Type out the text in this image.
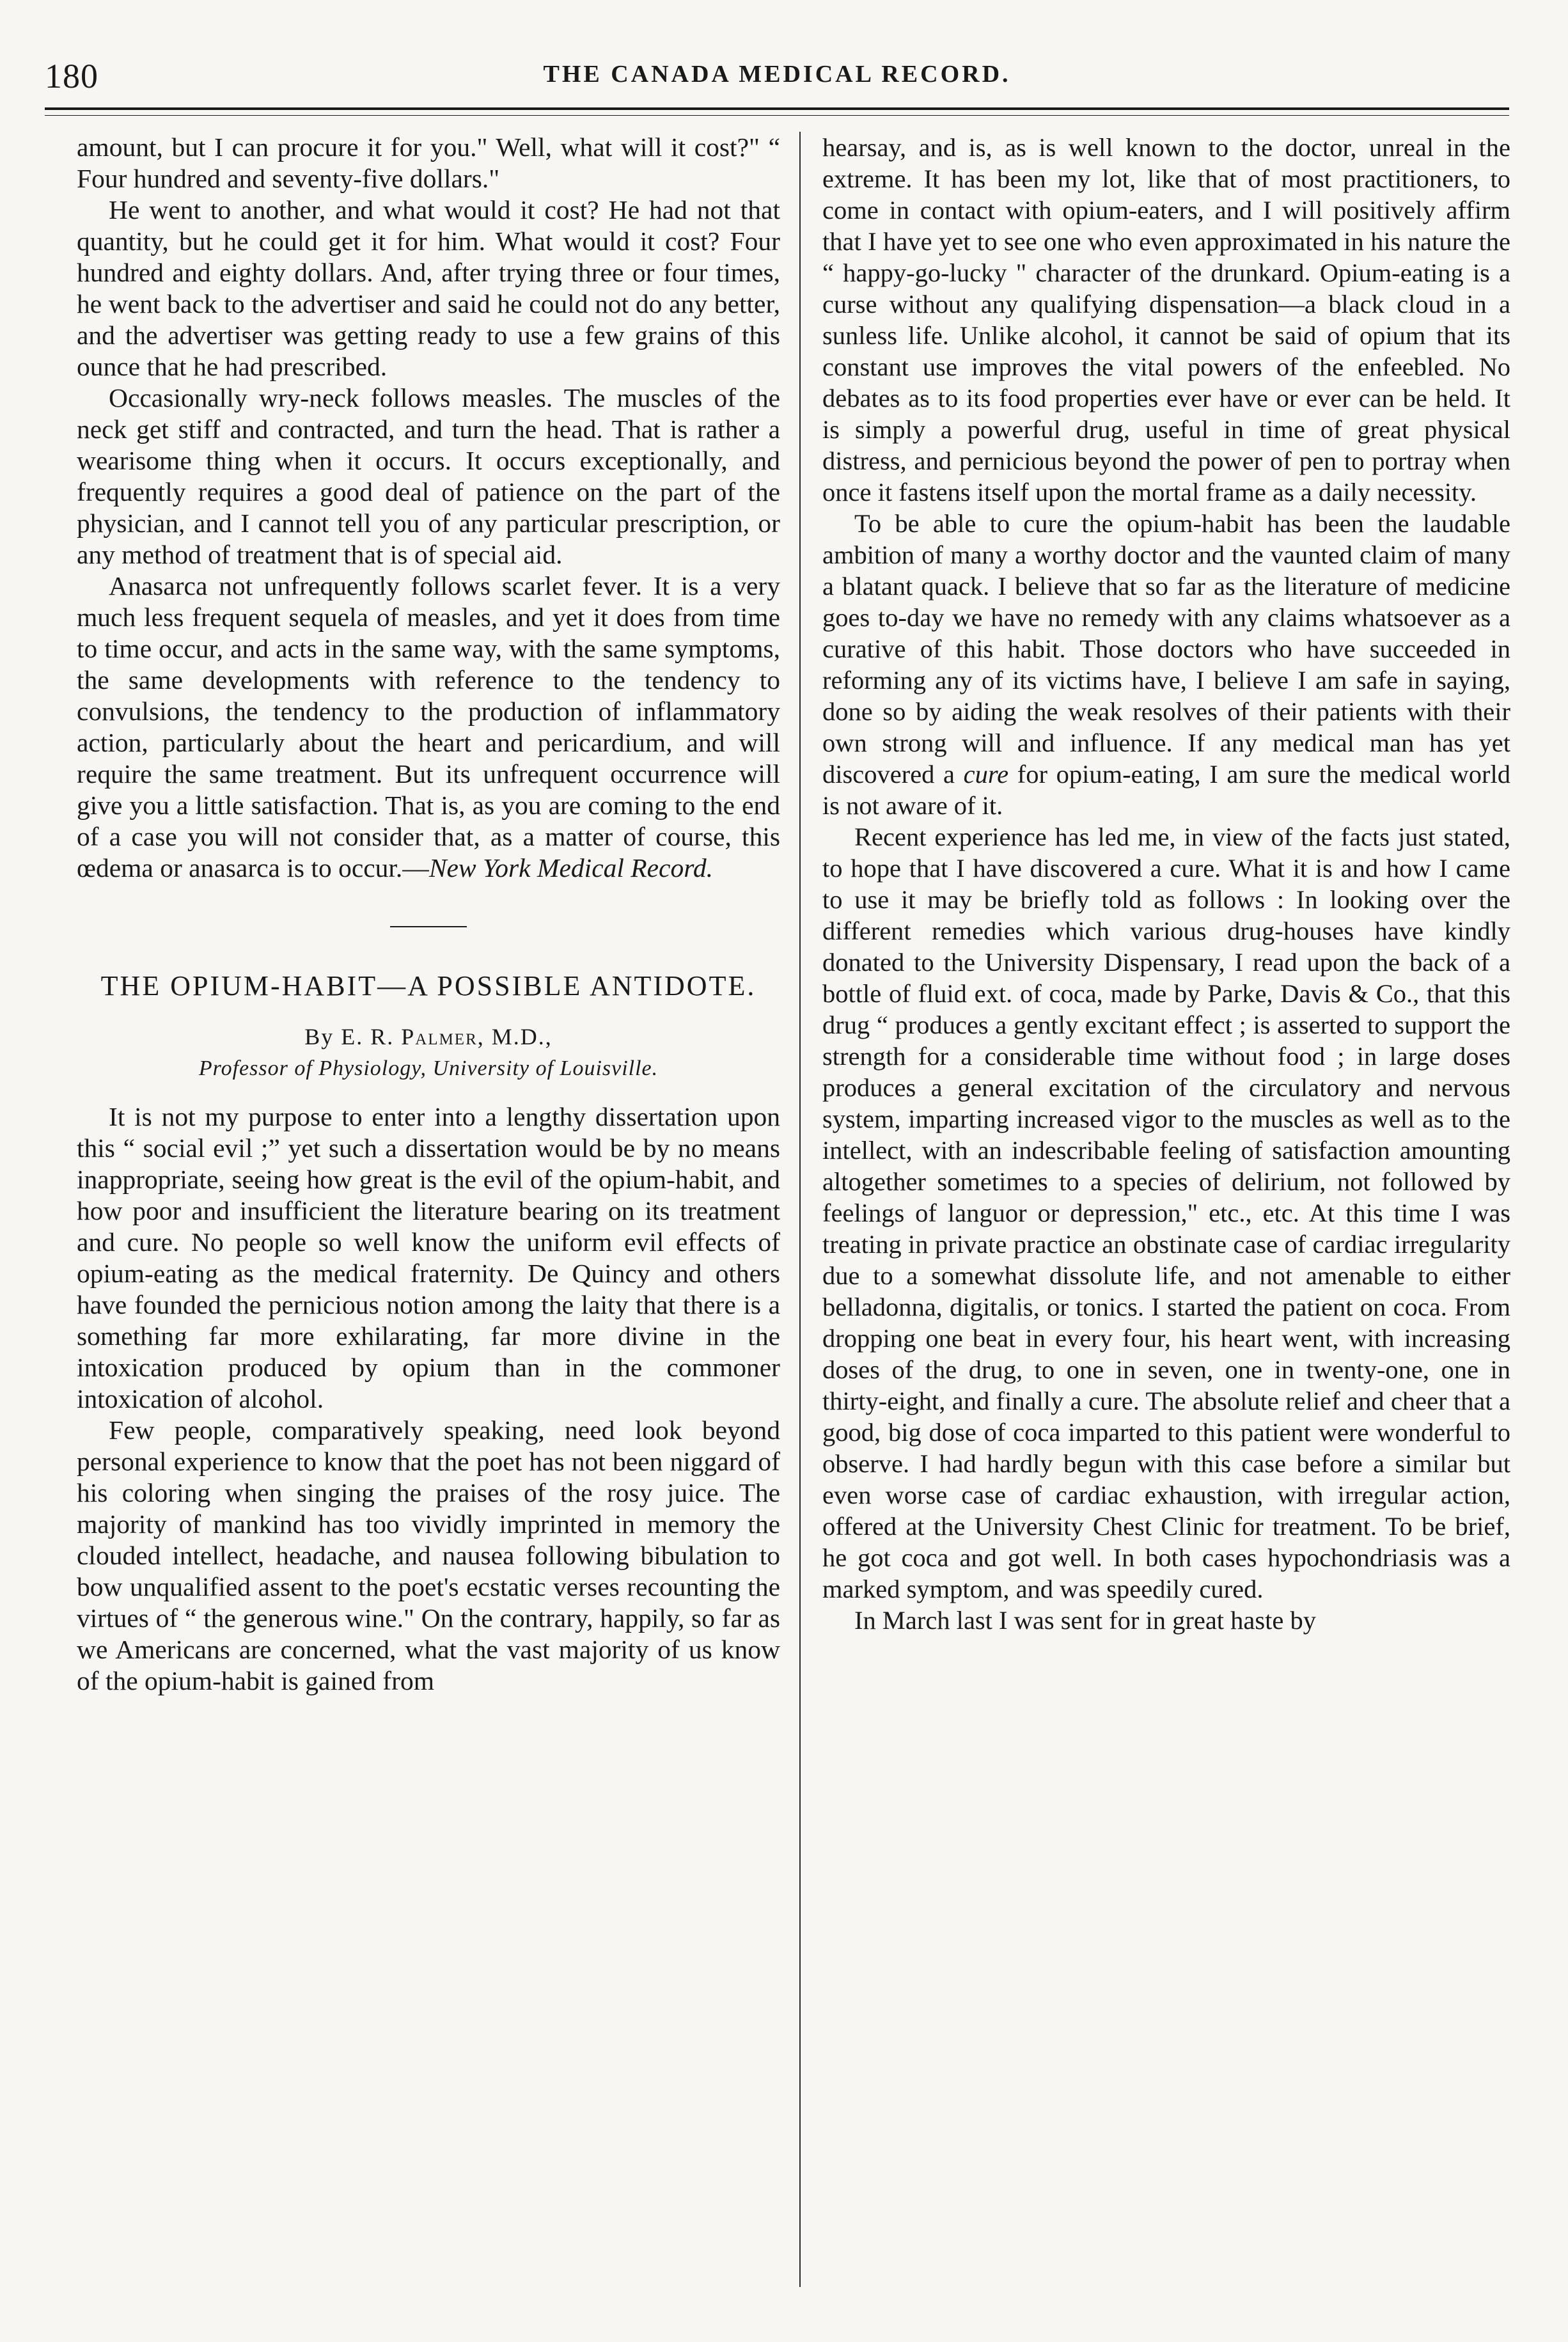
180	THE CANADA MEDICAL RECORD.

amount, but I can procure it for you." Well, what will it cost?" “ Four hundred and seventy-five dollars."

He went to another, and what would it cost? He had not that quantity, but he could get it for him. What would it cost? Four hundred and eighty dollars. And, after trying three or four times, he went back to the advertiser and said he could not do any better, and the advertiser was getting ready to use a few grains of this ounce that he had prescribed.

Occasionally wry-neck follows measles. The muscles of the neck get stiff and contracted, and turn the head. That is rather a wearisome thing when it occurs. It occurs exceptionally, and frequently requires a good deal of patience on the part of the physician, and I cannot tell you of any particular prescription, or any method of treatment that is of special aid.

Anasarca not unfrequently follows scarlet fever. It is a very much less frequent sequela of measles, and yet it does from time to time occur, and acts in the same way, with the same symptoms, the same developments with reference to the tendency to convulsions, the tendency to the production of inflammatory action, particularly about the heart and pericardium, and will require the same treatment. But its unfrequent occurrence will give you a little satisfaction. That is, as you are coming to the end of a case you will not consider that, as a matter of course, this œdema or anasarca is to occur.—New York Medical Record.

THE OPIUM-HABIT—A POSSIBLE ANTIDOTE.
By E. R. Palmer, M.D.,
Professor of Physiology, University of Louisville.

It is not my purpose to enter into a lengthy dissertation upon this “ social evil ;” yet such a dissertation would be by no means inappropriate, seeing how great is the evil of the opium-habit, and how poor and insufficient the literature bearing on its treatment and cure. No people so well know the uniform evil effects of opium-eating as the medical fraternity. De Quincy and others have founded the pernicious notion among the laity that there is a something far more exhilarating, far more divine in the intoxication produced by opium than in the commoner intoxication of alcohol.

Few people, comparatively speaking, need look beyond personal experience to know that the poet has not been niggard of his coloring when singing the praises of the rosy juice. The majority of mankind has too vividly imprinted in memory the clouded intellect, headache, and nausea following bibulation to bow unqualified assent to the poet's ecstatic verses recounting the virtues of “ the generous wine." On the contrary, happily, so far as we Americans are concerned, what the vast majority of us know of the opium-habit is gained from

hearsay, and is, as is well known to the doctor, unreal in the extreme. It has been my lot, like that of most practitioners, to come in contact with opium-eaters, and I will positively affirm that I have yet to see one who even approximated in his nature the “ happy-go-lucky " character of the drunkard. Opium-eating is a curse without any qualifying dispensation—a black cloud in a sunless life. Unlike alcohol, it cannot be said of opium that its constant use improves the vital powers of the enfeebled. No debates as to its food properties ever have or ever can be held. It is simply a powerful drug, useful in time of great physical distress, and pernicious beyond the power of pen to portray when once it fastens itself upon the mortal frame as a daily necessity.

To be able to cure the opium-habit has been the laudable ambition of many a worthy doctor and the vaunted claim of many a blatant quack. I believe that so far as the literature of medicine goes to-day we have no remedy with any claims whatsoever as a curative of this habit. Those doctors who have succeeded in reforming any of its victims have, I believe I am safe in saying, done so by aiding the weak resolves of their patients with their own strong will and influence. If any medical man has yet discovered a cure for opium-eating, I am sure the medical world is not aware of it.

Recent experience has led me, in view of the facts just stated, to hope that I have discovered a cure. What it is and how I came to use it may be briefly told as follows : In looking over the different remedies which various drug-houses have kindly donated to the University Dispensary, I read upon the back of a bottle of fluid ext. of coca, made by Parke, Davis & Co., that this drug “ produces a gently excitant effect ; is asserted to support the strength for a considerable time without food ; in large doses produces a general excitation of the circulatory and nervous system, imparting increased vigor to the muscles as well as to the intellect, with an indescribable feeling of satisfaction amounting altogether sometimes to a species of delirium, not followed by feelings of languor or depression," etc., etc. At this time I was treating in private practice an obstinate case of cardiac irregularity due to a somewhat dissolute life, and not amenable to either belladonna, digitalis, or tonics. I started the patient on coca. From dropping one beat in every four, his heart went, with increasing doses of the drug, to one in seven, one in twenty-one, one in thirty-eight, and finally a cure. The absolute relief and cheer that a good, big dose of coca imparted to this patient were wonderful to observe. I had hardly begun with this case before a similar but even worse case of cardiac exhaustion, with irregular action, offered at the University Chest Clinic for treatment. To be brief, he got coca and got well. In both cases hypochondriasis was a marked symptom, and was speedily cured.

In March last I was sent for in great haste by
